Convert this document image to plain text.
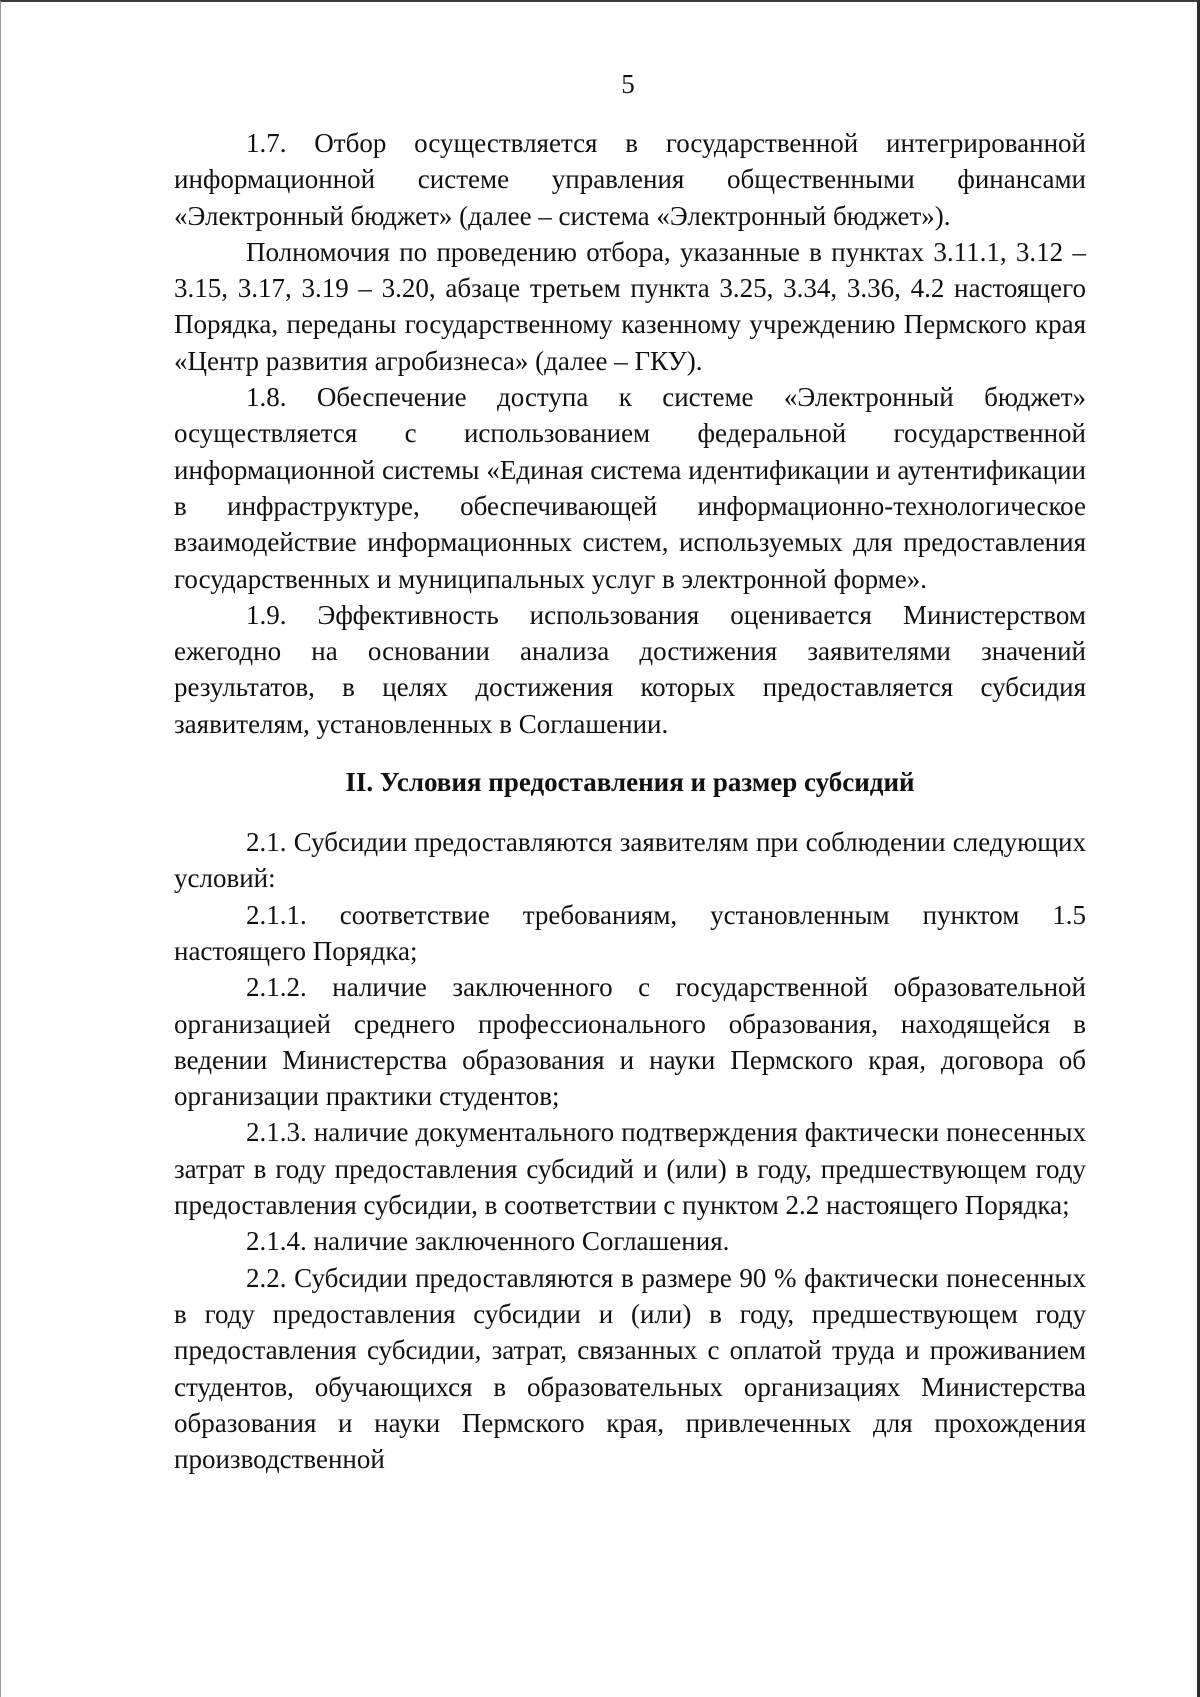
5

1.7. Отбор осуществляется в государственной интегрированной информационной системе управления общественными финансами «Электронный бюджет» (далее – система «Электронный бюджет»).

Полномочия по проведению отбора, указанные в пунктах 3.11.1, 3.12 – 3.15, 3.17, 3.19 – 3.20, абзаце третьем пункта 3.25, 3.34, 3.36, 4.2 настоящего Порядка, переданы государственному казенному учреждению Пермского края «Центр развития агробизнеса» (далее – ГКУ).

1.8. Обеспечение доступа к системе «Электронный бюджет» осуществляется с использованием федеральной государственной информационной системы «Единая система идентификации и аутентификации в инфраструктуре, обеспечивающей информационно-технологическое взаимодействие информационных систем, используемых для предоставления государственных и муниципальных услуг в электронной форме».

1.9. Эффективность использования оценивается Министерством ежегодно на основании анализа достижения заявителями значений результатов, в целях достижения которых предоставляется субсидия заявителям, установленных в Соглашении.

II. Условия предоставления и размер субсидий

2.1. Субсидии предоставляются заявителям при соблюдении следующих условий:

2.1.1. соответствие требованиям, установленным пунктом 1.5 настоящего Порядка;

2.1.2. наличие заключенного с государственной образовательной организацией среднего профессионального образования, находящейся в ведении Министерства образования и науки Пермского края, договора об организации практики студентов;

2.1.3. наличие документального подтверждения фактически понесенных затрат в году предоставления субсидий и (или) в году, предшествующем году предоставления субсидии, в соответствии с пунктом 2.2 настоящего Порядка;

2.1.4. наличие заключенного Соглашения.

2.2. Субсидии предоставляются в размере 90 % фактически понесенных в году предоставления субсидии и (или) в году, предшествующем году предоставления субсидии, затрат, связанных с оплатой труда и проживанием студентов, обучающихся в образовательных организациях Министерства образования и науки Пермского края, привлеченных для прохождения производственной
